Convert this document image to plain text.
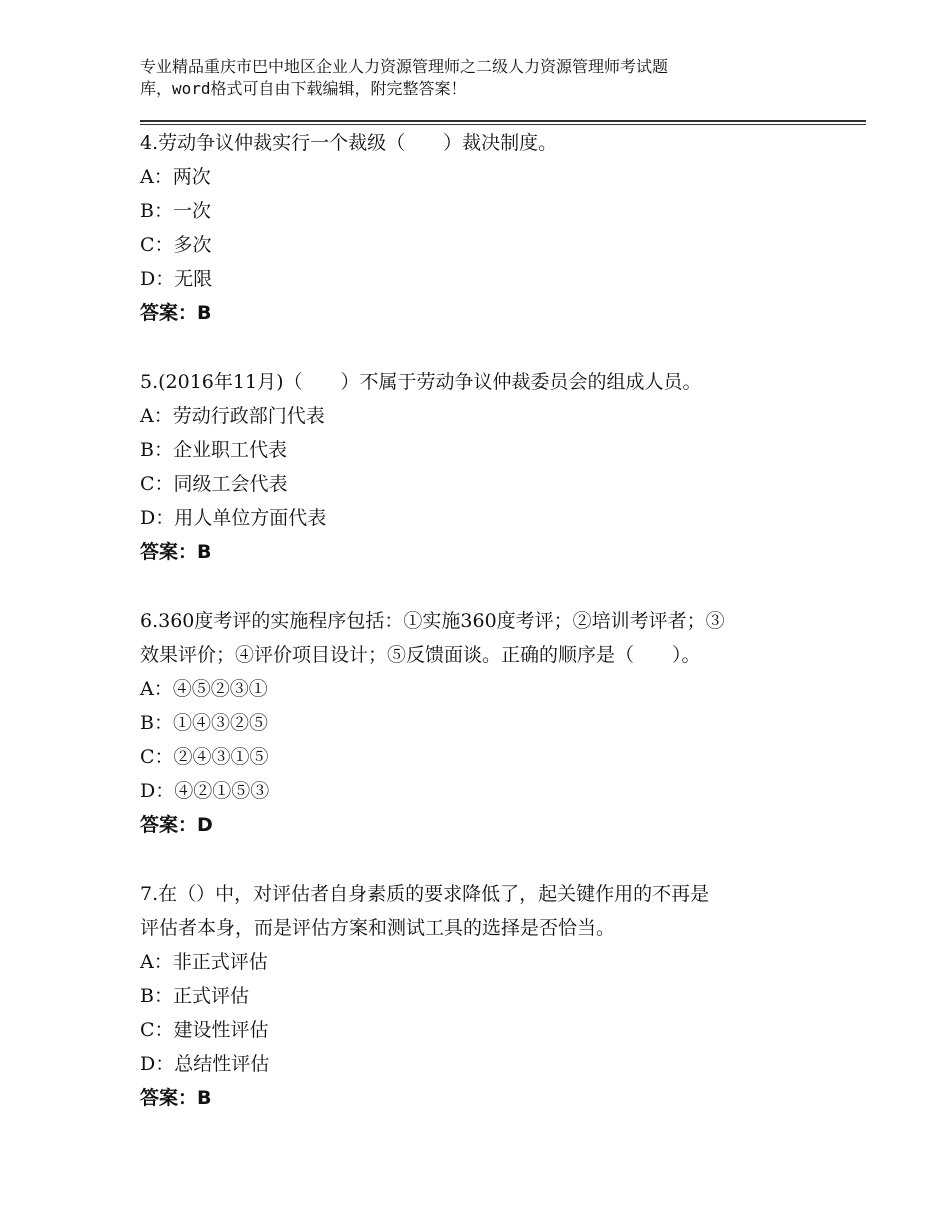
专业精品重庆市巴中地区企业人力资源管理师之二级人力资源管理师考试题
库，word格式可自由下载编辑，附完整答案！
4.劳动争议仲裁实行一个裁级（　　）裁决制度。
A：两次
B：一次
C：多次
D：无限
答案：B
5.(2016年11月)（　　）不属于劳动争议仲裁委员会的组成人员。
A：劳动行政部门代表
B：企业职工代表
C：同级工会代表
D：用人单位方面代表
答案：B
6.360度考评的实施程序包括：①实施360度考评；②培训考评者；③
效果评价；④评价项目设计；⑤反馈面谈。正确的顺序是（　　）。
A：④⑤②③①
B：①④③②⑤
C：②④③①⑤
D：④②①⑤③
答案：D
7.在（）中，对评估者自身素质的要求降低了，起关键作用的不再是
评估者本身，而是评估方案和测试工具的选择是否恰当。
A：非正式评估
B：正式评估
C：建设性评估
D：总结性评估
答案：B
